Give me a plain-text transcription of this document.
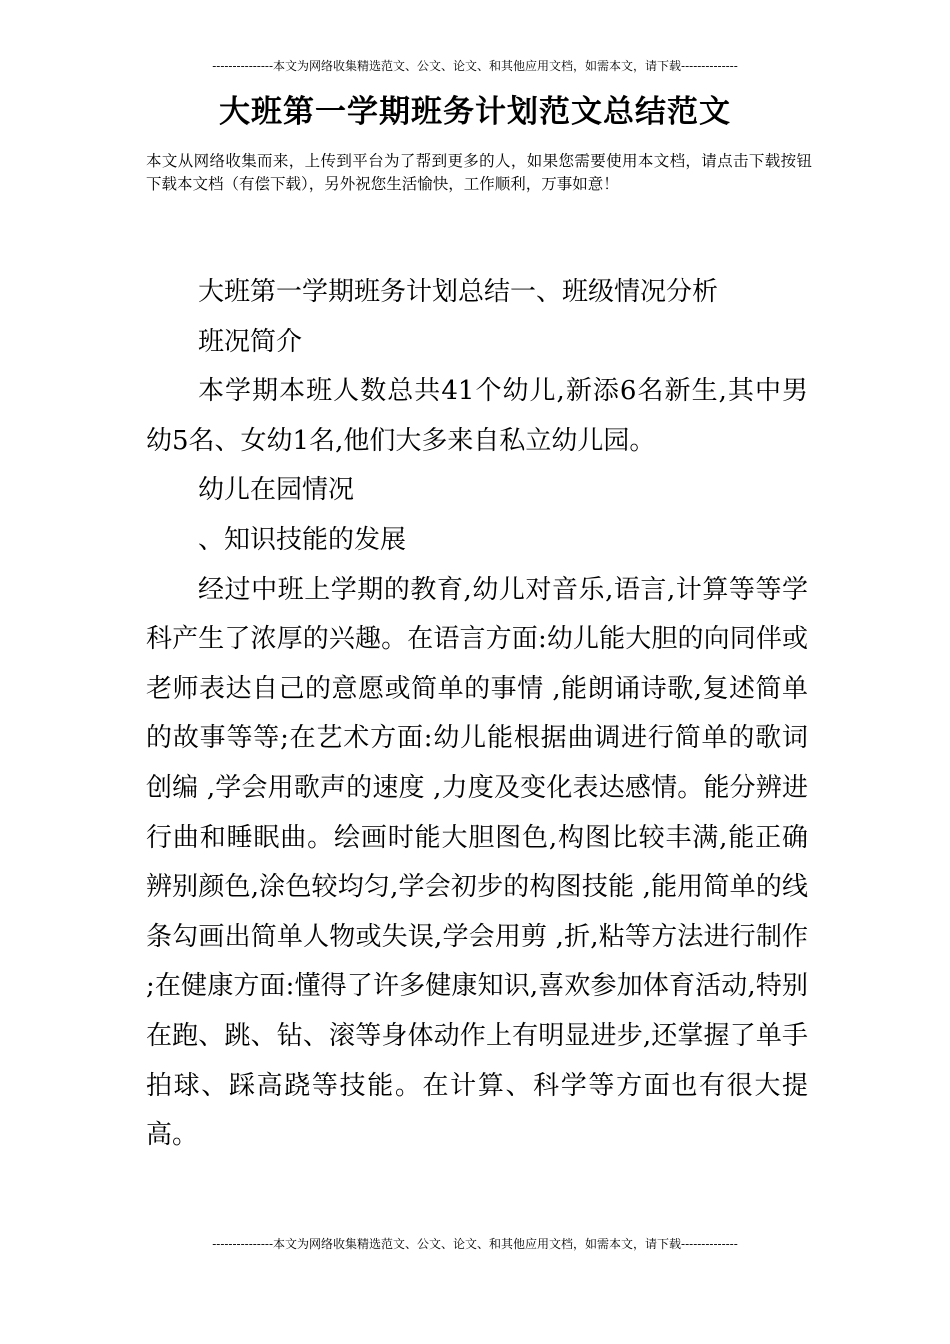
---------------本文为网络收集精选范文、公文、论文、和其他应用文档，如需本文，请下载--------------
大班第一学期班务计划范文总结范文
本文从网络收集而来，上传到平台为了帮到更多的人，如果您需要使用本文档，请点击下载按钮下载本文档（有偿下载），另外祝您生活愉快，工作顺利，万事如意！

大班第一学期班务计划总结一、班级情况分析

班况简介

本学期本班人数总共41个幼儿,新添6名新生,其中男幼5名、女幼1名,他们大多来自私立幼儿园。

幼儿在园情况

、知识技能的发展

经过中班上学期的教育,幼儿对音乐,语言,计算等等学科产生了浓厚的兴趣。在语言方面:幼儿能大胆的向同伴或老师表达自己的意愿或简单的事情 ,能朗诵诗歌,复述简单的故事等等;在艺术方面:幼儿能根据曲调进行简单的歌词创编 ,学会用歌声的速度 ,力度及变化表达感情。能分辨进行曲和睡眠曲。绘画时能大胆图色,构图比较丰满,能正确辨别颜色,涂色较均匀,学会初步的构图技能 ,能用简单的线条勾画出简单人物或失误,学会用剪 ,折,粘等方法进行制作 ;在健康方面:懂得了许多健康知识,喜欢参加体育活动,特别在跑、跳、钻、滚等身体动作上有明显进步,还掌握了单手拍球、踩高跷等技能。在计算、科学等方面也有很大提高。

---------------本文为网络收集精选范文、公文、论文、和其他应用文档，如需本文，请下载--------------
